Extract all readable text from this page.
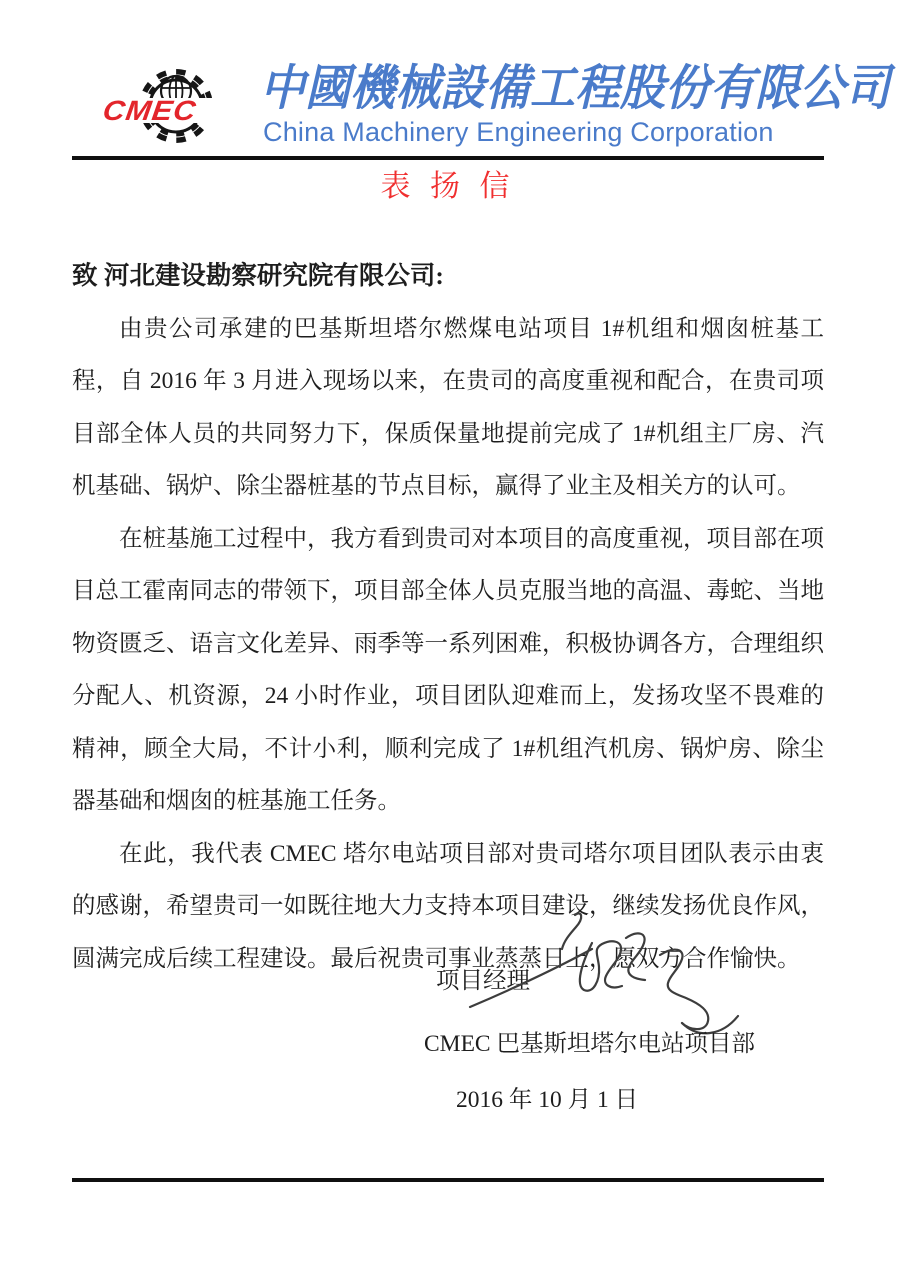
CMEC	中國機械設備工程股份有限公司
China Machinery Engineering Corporation
表 扬 信

致 河北建设勘察研究院有限公司:

由贵公司承建的巴基斯坦塔尔燃煤电站项目 1#机组和烟囱桩基工程，自 2016 年 3 月进入现场以来，在贵司的高度重视和配合，在贵司项目部全体人员的共同努力下，保质保量地提前完成了 1#机组主厂房、汽机基础、锅炉、除尘器桩基的节点目标，赢得了业主及相关方的认可。

在桩基施工过程中，我方看到贵司对本项目的高度重视，项目部在项目总工霍南同志的带领下，项目部全体人员克服当地的高温、毒蛇、当地物资匮乏、语言文化差异、雨季等一系列困难，积极协调各方，合理组织分配人、机资源，24 小时作业，项目团队迎难而上，发扬攻坚不畏难的精神，顾全大局，不计小利，顺利完成了 1#机组汽机房、锅炉房、除尘器基础和烟囱的桩基施工任务。

在此，我代表 CMEC 塔尔电站项目部对贵司塔尔项目团队表示由衷的感谢，希望贵司一如既往地大力支持本项目建设，继续发扬优良作风，圆满完成后续工程建设。最后祝贵司事业蒸蒸日上，愿双方合作愉快。

项目经理
CMEC 巴基斯坦塔尔电站项目部
2016 年 10 月 1 日
